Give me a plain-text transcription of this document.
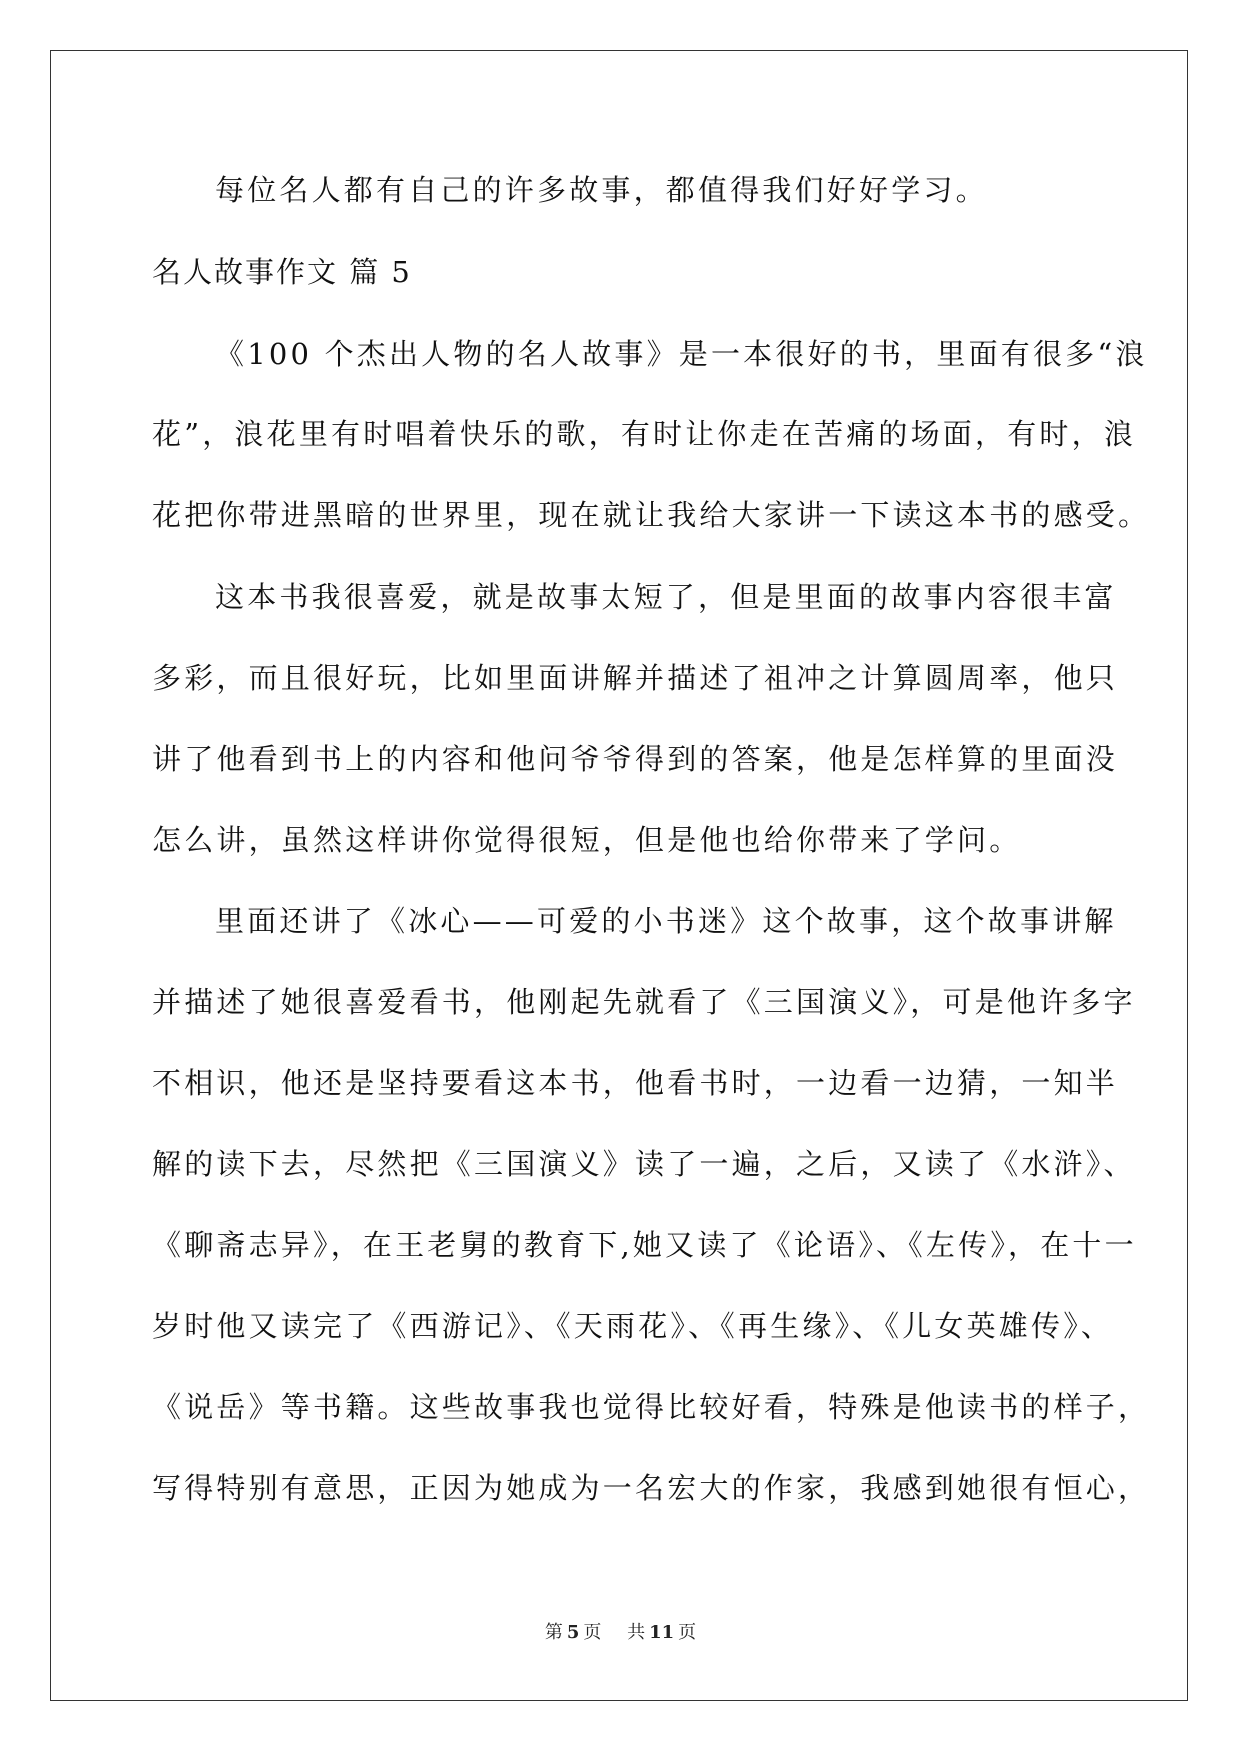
每位名人都有自己的许多故事，都值得我们好好学习。
名人故事作文 篇 5
《100 个杰出人物的名人故事》是一本很好的书，里面有很多“浪
花”，浪花里有时唱着快乐的歌，有时让你走在苦痛的场面，有时，浪
花把你带进黑暗的世界里，现在就让我给大家讲一下读这本书的感受。
这本书我很喜爱，就是故事太短了，但是里面的故事内容很丰富
多彩，而且很好玩，比如里面讲解并描述了祖冲之计算圆周率，他只
讲了他看到书上的内容和他问爷爷得到的答案，他是怎样算的里面没
怎么讲，虽然这样讲你觉得很短，但是他也给你带来了学问。
里面还讲了《冰心——可爱的小书迷》这个故事，这个故事讲解
并描述了她很喜爱看书，他刚起先就看了《三国演义》，可是他许多字
不相识，他还是坚持要看这本书，他看书时，一边看一边猜，一知半
解的读下去，尽然把《三国演义》读了一遍，之后，又读了《水浒》、
《聊斋志异》，在王老舅的教育下,她又读了《论语》、《左传》，在十一
岁时他又读完了《西游记》、《天雨花》、《再生缘》、《儿女英雄传》、
《说岳》等书籍。这些故事我也觉得比较好看，特殊是他读书的样子，
写得特别有意思，正因为她成为一名宏大的作家，我感到她很有恒心，
第 5 页 共 11 页
